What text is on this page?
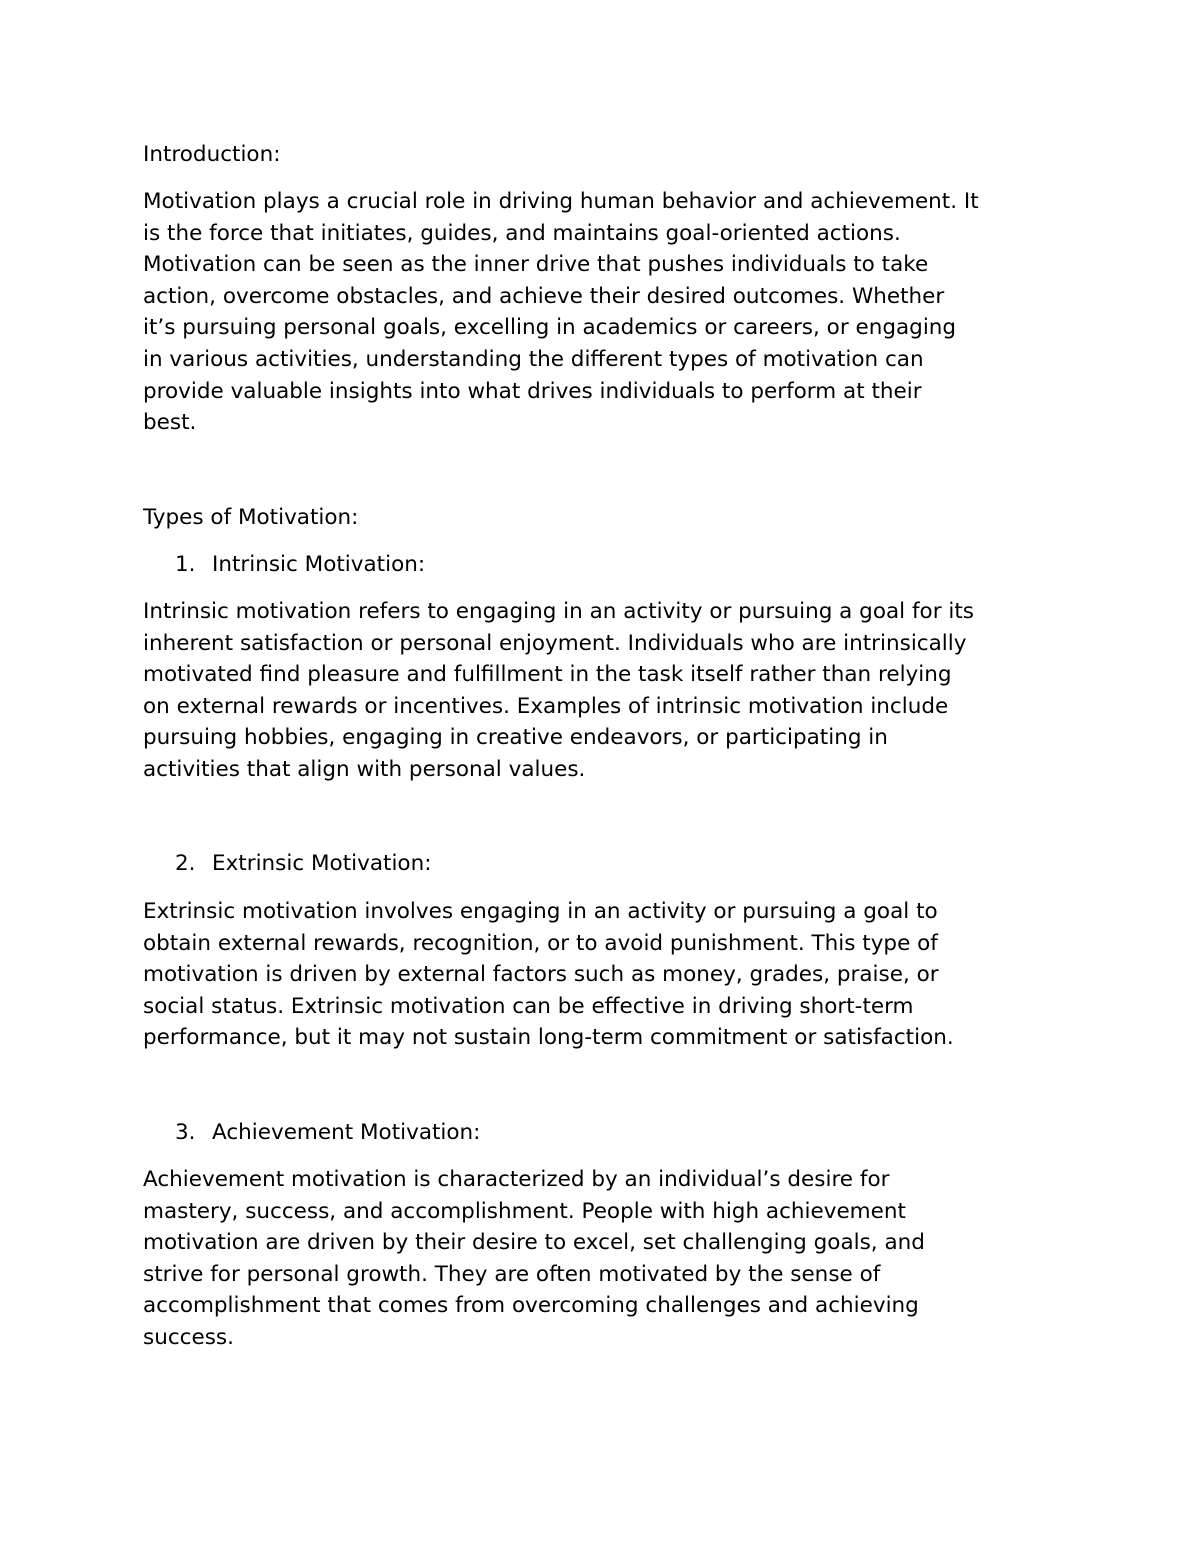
Introduction:

Motivation plays a crucial role in driving human behavior and achievement. It
is the force that initiates, guides, and maintains goal-oriented actions.
Motivation can be seen as the inner drive that pushes individuals to take
action, overcome obstacles, and achieve their desired outcomes. Whether
it’s pursuing personal goals, excelling in academics or careers, or engaging
in various activities, understanding the different types of motivation can
provide valuable insights into what drives individuals to perform at their
best.

Types of Motivation:

1. Intrinsic Motivation:

Intrinsic motivation refers to engaging in an activity or pursuing a goal for its
inherent satisfaction or personal enjoyment. Individuals who are intrinsically
motivated find pleasure and fulfillment in the task itself rather than relying
on external rewards or incentives. Examples of intrinsic motivation include
pursuing hobbies, engaging in creative endeavors, or participating in
activities that align with personal values.

2. Extrinsic Motivation:

Extrinsic motivation involves engaging in an activity or pursuing a goal to
obtain external rewards, recognition, or to avoid punishment. This type of
motivation is driven by external factors such as money, grades, praise, or
social status. Extrinsic motivation can be effective in driving short-term
performance, but it may not sustain long-term commitment or satisfaction.

3. Achievement Motivation:

Achievement motivation is characterized by an individual’s desire for
mastery, success, and accomplishment. People with high achievement
motivation are driven by their desire to excel, set challenging goals, and
strive for personal growth. They are often motivated by the sense of
accomplishment that comes from overcoming challenges and achieving
success.
